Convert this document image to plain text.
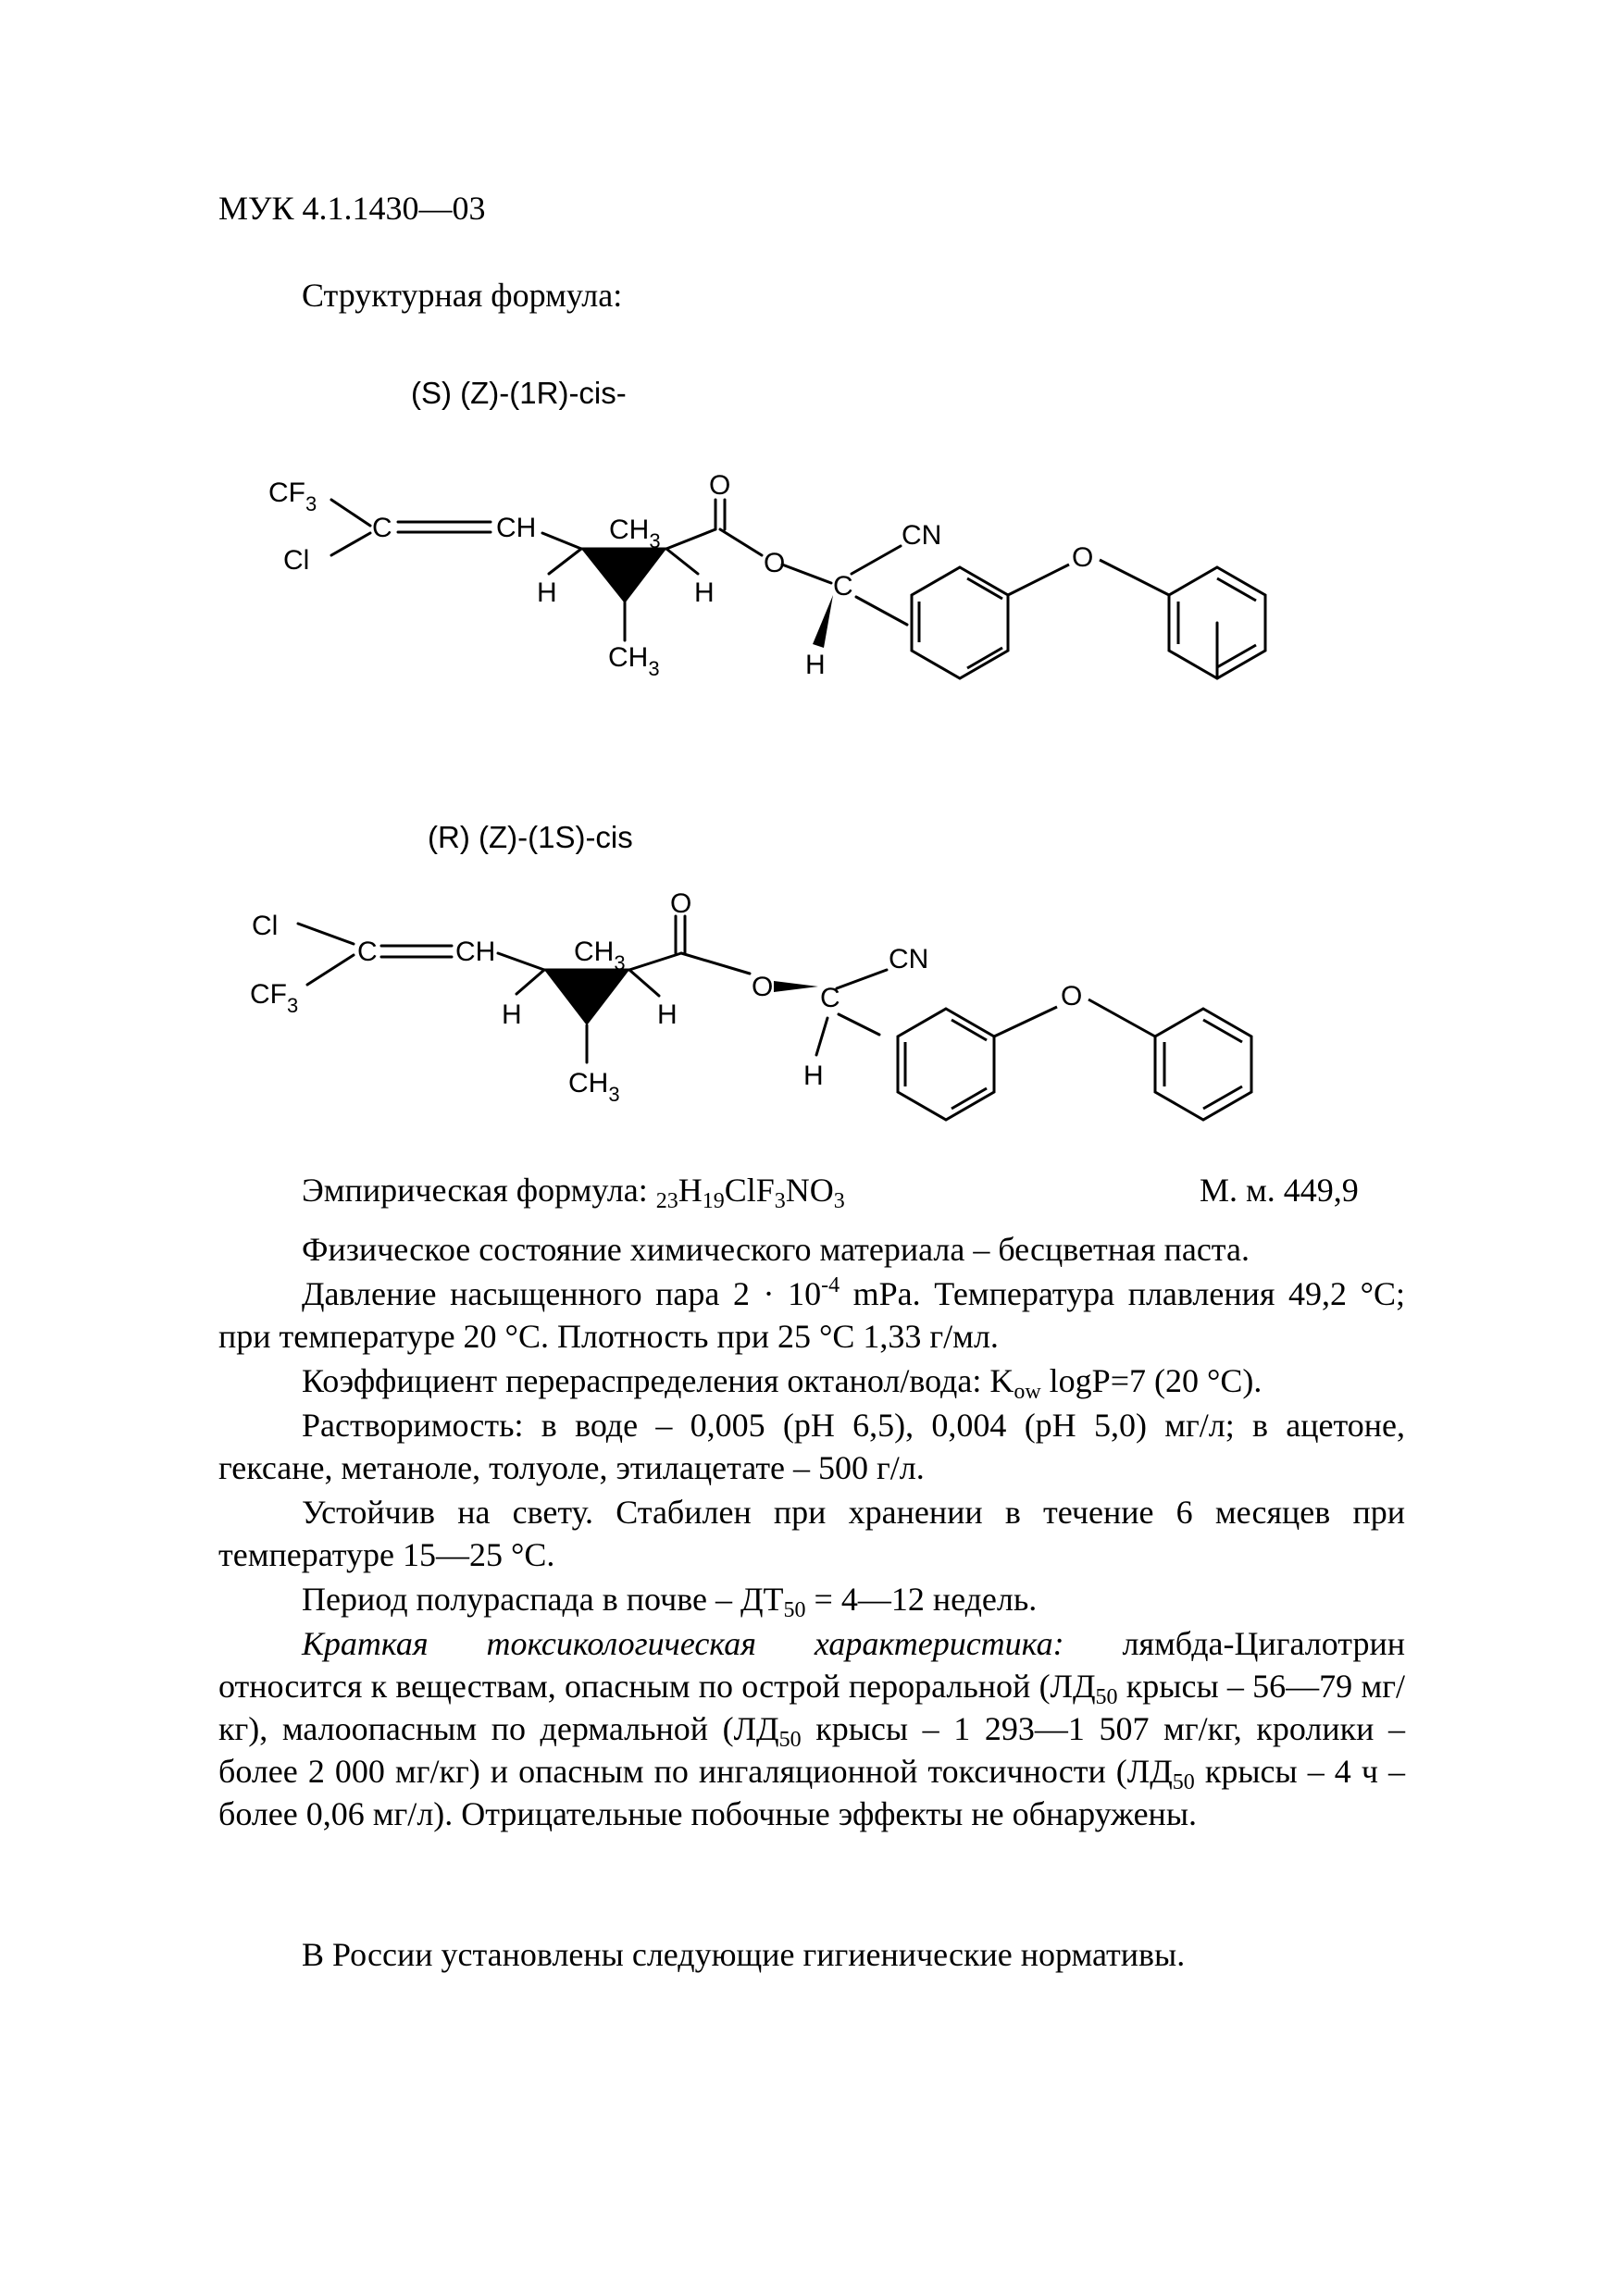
МУК 4.1.1430—03
Структурная формула:
(S) (Z)-(1R)-cis-
$CF_3$
Cl
C	CH	$CH_3$
H	H
$CH_3$
O
O
C
H
CN
O
(R) (Z)-(1S)-cis
Cl
$CF_3$
C	CH	$CH_3$
H	H
$CH_3$
O
O C
H
CN
O
Эмпирическая формула: $_{23}H_{19}ClF_3NO_3$	М. м. 449,9
Физическое состояние химического материала – бесцветная паста.
Давление насыщенного пара $2 \cdot 10^{-4}$ mPa. Температура плавления 49,2 °С; при температуре 20 °С. Плотность при 25 °С 1,33 г/мл.
Коэффициент перераспределения октанол/вода: $K_{ow}$ logP=7 (20 °С).
Растворимость: в воде – 0,005 (рН 6,5), 0,004 (рН 5,0) мг/л; в ацетоне, гексане, метаноле, толуоле, этилацетате – 500 г/л.
Устойчив на свету. Стабилен при хранении в течение 6 месяцев при температуре 15—25 °С.
Период полураспада в почве – $ДТ_{50}$ = 4—12 недель.
Краткая токсикологическая характеристика: лямбда-Цигалотрин относится к веществам, опасным по острой пероральной ($ЛД_{50}$ крысы – 56—79 мг/кг), малоопасным по дермальной ($ЛД_{50}$ крысы – 1 293—1 507 мг/кг, кролики – более 2 000 мг/кг) и опасным по ингаляционной токсичности ($ЛД_{50}$ крысы – 4 ч – более 0,06 мг/л). Отрицательные побочные эффекты не обнаружены.
В России установлены следующие гигиенические нормативы.
